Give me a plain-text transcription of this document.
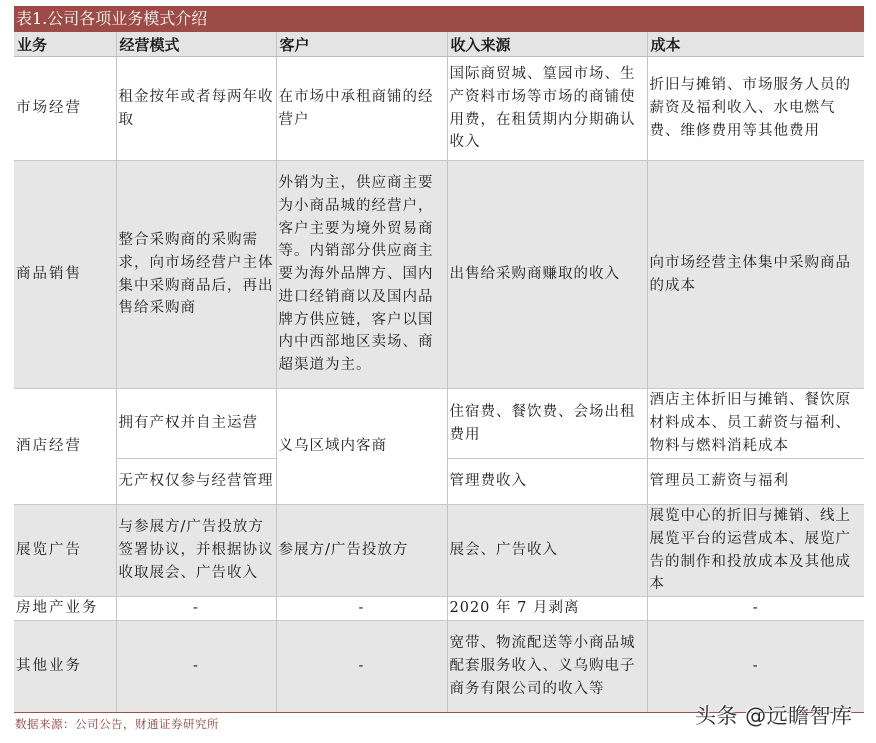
表1.公司各项业务模式介绍
业务	经营模式	客户	收入来源	成本
市场经营	租金按年或者每两年收取	在市场中承租商铺的经营户	国际商贸城、篁园市场、生产资料市场等市场的商铺使用费，在租赁期内分期确认收入	折旧与摊销、市场服务人员的薪资及福利收入、水电燃气费、维修费用等其他费用
商品销售	整合采购商的采购需求，向市场经营户主体集中采购商品后，再出售给采购商	外销为主，供应商主要为小商品城的经营户，客户主要为境外贸易商等。内销部分供应商主要为海外品牌方、国内进口经销商以及国内品牌方供应链，客户以国内中西部地区卖场、商超渠道为主。	出售给采购商赚取的收入	向市场经营主体集中采购商品的成本
酒店经营	拥有产权并自主运营	义乌区域内客商	住宿费、餐饮费、会场出租费用	酒店主体折旧与摊销、餐饮原材料成本、员工薪资与福利、物料与燃料消耗成本
	无产权仅参与经营管理		管理费收入	管理员工薪资与福利
展览广告	与参展方/广告投放方签署协议，并根据协议收取展会、广告收入	参展方/广告投放方	展会、广告收入	展览中心的折旧与摊销、线上展览平台的运营成本、展览广告的制作和投放成本及其他成本
房地产业务	-	-	2020 年 7 月剥离	-
其他业务	-	-	宽带、物流配送等小商品城配套服务收入、义乌购电子商务有限公司的收入等	-
数据来源：公司公告，财通证券研究所	头条 @远瞻智库
